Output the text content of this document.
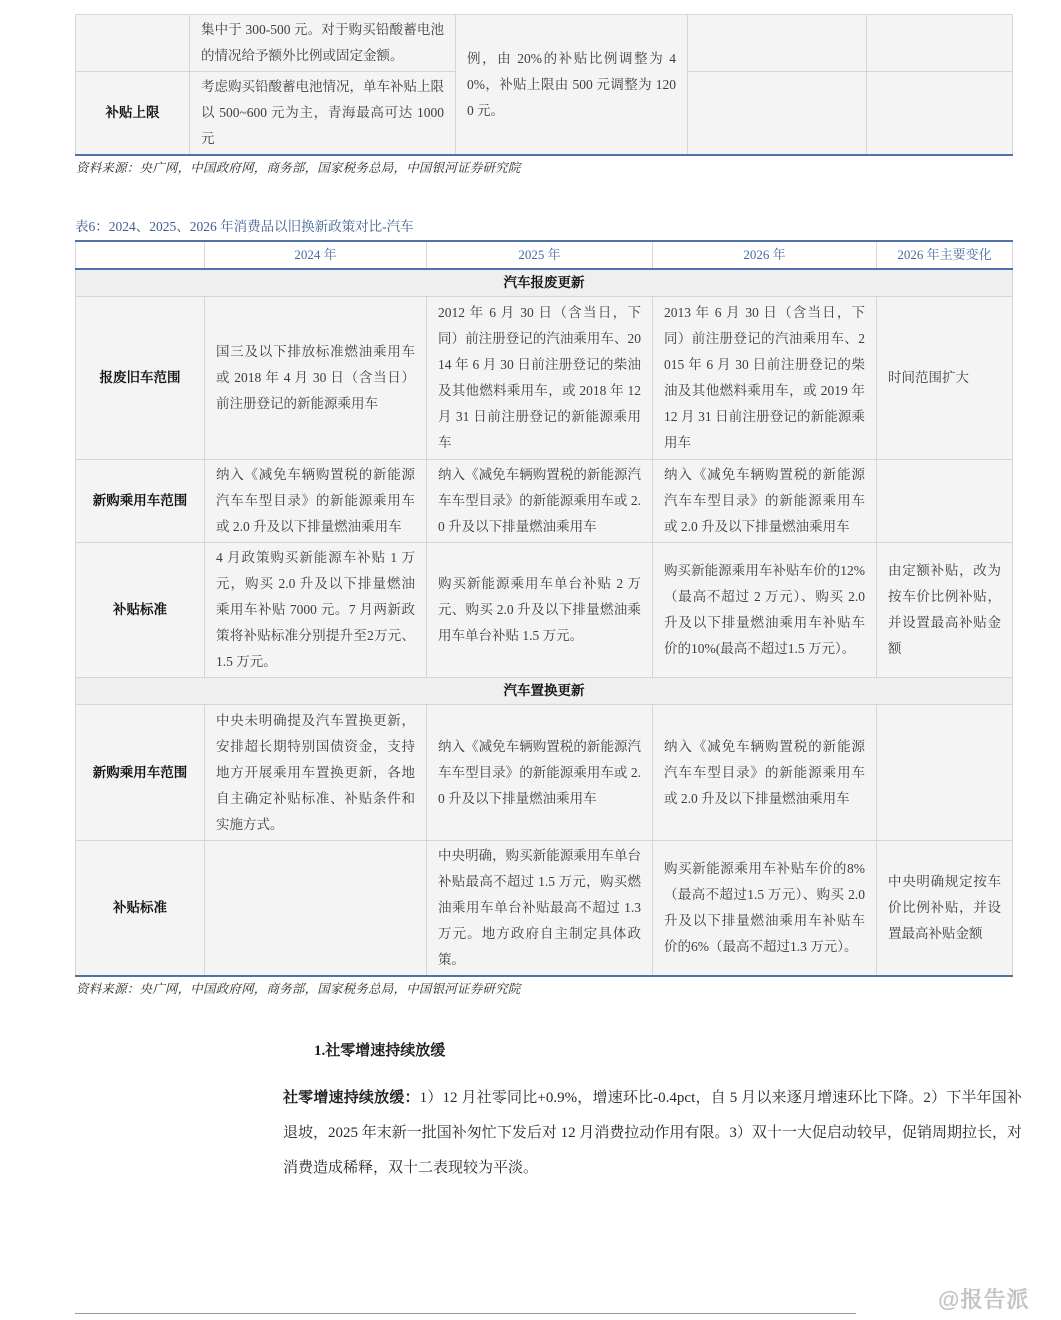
	集中于 300-500 元。对于购买铅酸蓄电池的情况给予额外比例或固定金额。	例，由 20%的补贴比例调整为 40%，补贴上限由 500 元调整为 1200 元。		
补贴上限	考虑购买铅酸蓄电池情况，单车补贴上限以 500~600 元为主，青海最高可达 1000 元			
资料来源：央广网，中国政府网，商务部，国家税务总局，中国银河证券研究院
表6：2024、2025、2026 年消费品以旧换新政策对比-汽车
	2024 年	2025 年	2026 年	2026 年主要变化
汽车报废更新				
报废旧车范围	国三及以下排放标准燃油乘用车或 2018 年 4 月 30 日（含当日）前注册登记的新能源乘用车	2012 年 6 月 30 日（含当日，下同）前注册登记的汽油乘用车、2014 年 6 月 30 日前注册登记的柴油及其他燃料乘用车，或 2018 年 12 月 31 日前注册登记的新能源乘用车	2013 年 6 月 30 日（含当日，下同）前注册登记的汽油乘用车、2015 年 6 月 30 日前注册登记的柴油及其他燃料乘用车，或 2019 年 12 月 31 日前注册登记的新能源乘用车	时间范围扩大
新购乘用车范围	纳入《减免车辆购置税的新能源汽车车型目录》的新能源乘用车或 2.0 升及以下排量燃油乘用车	纳入《减免车辆购置税的新能源汽车车型目录》的新能源乘用车或 2.0 升及以下排量燃油乘用车	纳入《减免车辆购置税的新能源汽车车型目录》的新能源乘用车或 2.0 升及以下排量燃油乘用车	
补贴标准	4 月政策购买新能源车补贴 1 万元，购买 2.0 升及以下排量燃油乘用车补贴 7000 元。7 月两新政策将补贴标准分别提升至2万元、1.5 万元。	购买新能源乘用车单台补贴 2 万元、购买 2.0 升及以下排量燃油乘用车单台补贴 1.5 万元。	购买新能源乘用车补贴车价的12%（最高不超过 2 万元）、购买 2.0 升及以下排量燃油乘用车补贴车价的10%(最高不超过1.5 万元）。	由定额补贴，改为按车价比例补贴，并设置最高补贴金额
汽车置换更新				
新购乘用车范围	中央未明确提及汽车置换更新，安排超长期特别国债资金，支持地方开展乘用车置换更新，各地自主确定补贴标准、补贴条件和实施方式。	纳入《减免车辆购置税的新能源汽车车型目录》的新能源乘用车或 2.0 升及以下排量燃油乘用车	纳入《减免车辆购置税的新能源汽车车型目录》的新能源乘用车或 2.0 升及以下排量燃油乘用车	
补贴标准		中央明确，购买新能源乘用车单台补贴最高不超过 1.5 万元，购买燃油乘用车单台补贴最高不超过 1.3 万元。地方政府自主制定具体政策。	购买新能源乘用车补贴车价的8%（最高不超过1.5 万元）、购买 2.0 升及以下排量燃油乘用车补贴车价的6%（最高不超过1.3 万元）。	中央明确规定按车价比例补贴，并设置最高补贴金额
资料来源：央广网，中国政府网，商务部，国家税务总局，中国银河证券研究院
1.社零增速持续放缓

社零增速持续放缓：1）12 月社零同比+0.9%，增速环比-0.4pct，自 5 月以来逐月增速环比下降。2）下半年国补退坡，2025 年末新一批国补匆忙下发后对 12 月消费拉动作用有限。3）双十一大促启动较早，促销周期拉长，对消费造成稀释，双十二表现较为平淡。

@报告派
